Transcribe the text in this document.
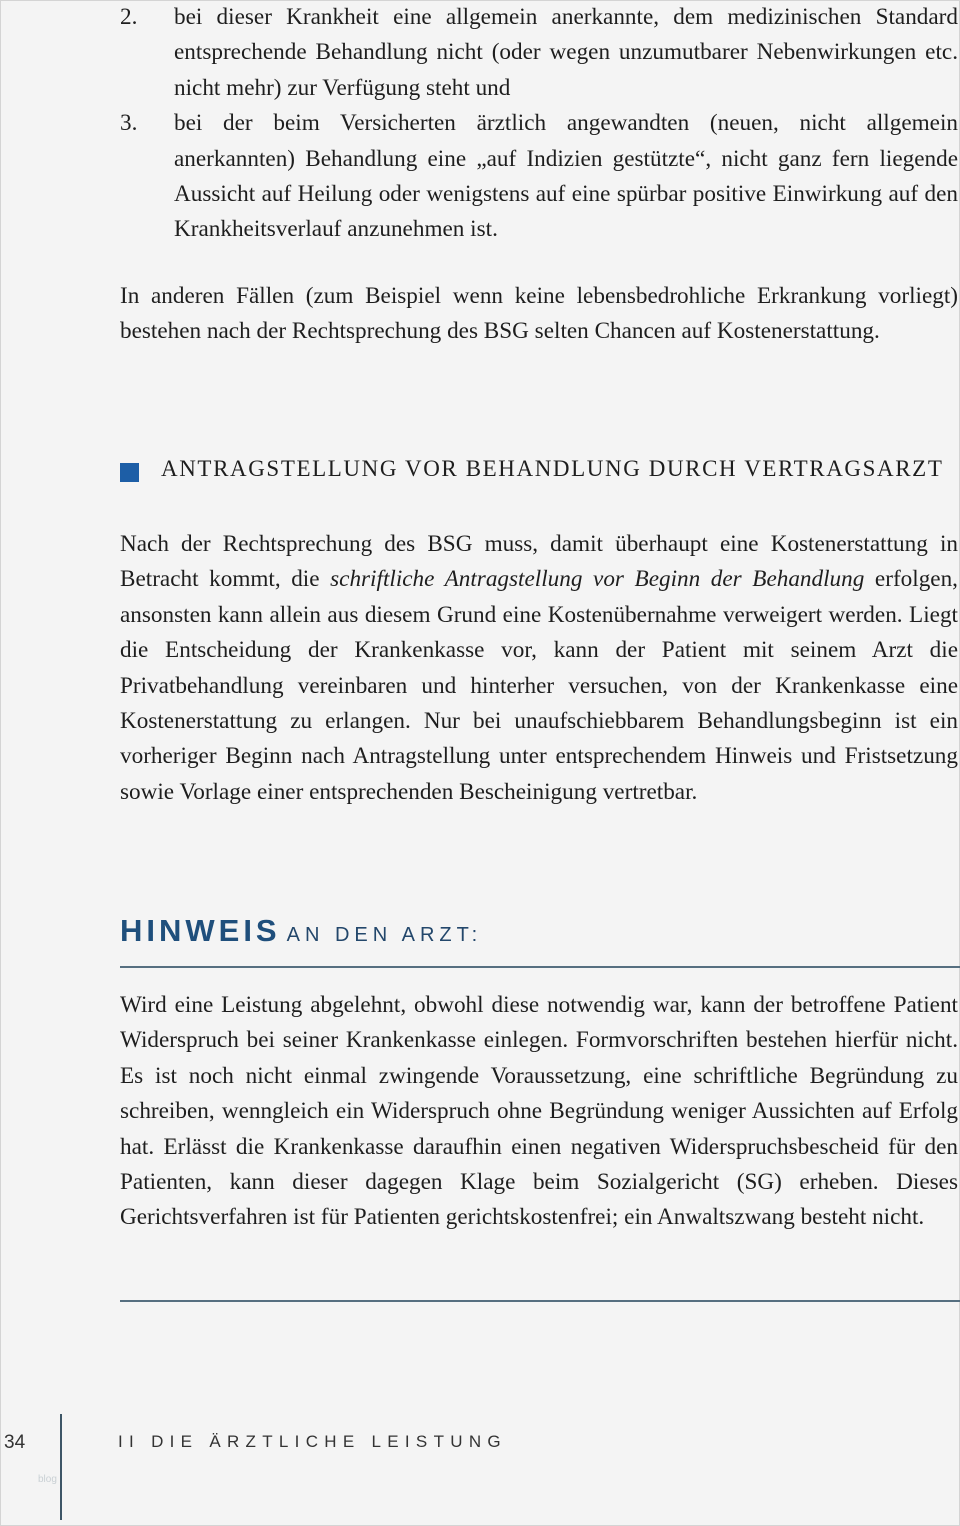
2. bei dieser Krankheit eine allgemein anerkannte, dem medizinischen Standard entsprechende Behandlung nicht (oder wegen unzumutbarer Nebenwirkungen etc. nicht mehr) zur Verfügung steht und
3. bei der beim Versicherten ärztlich angewandten (neuen, nicht allgemein anerkannten) Behandlung eine „auf Indizien gestützte“, nicht ganz fern liegende Aussicht auf Heilung oder wenigstens auf eine spürbar positive Einwirkung auf den Krankheitsverlauf anzunehmen ist.

In anderen Fällen (zum Beispiel wenn keine lebensbedrohliche Erkrankung vorliegt) bestehen nach der Rechtsprechung des BSG selten Chancen auf Kostenerstattung.

ANTRAGSTELLUNG VOR BEHANDLUNG DURCH VERTRAGSARZT

Nach der Rechtsprechung des BSG muss, damit überhaupt eine Kostenerstattung in Betracht kommt, die schriftliche Antragstellung vor Beginn der Behandlung erfolgen, ansonsten kann allein aus diesem Grund eine Kostenübernahme verweigert werden. Liegt die Entscheidung der Krankenkasse vor, kann der Patient mit seinem Arzt die Privatbehandlung vereinbaren und hinterher versuchen, von der Krankenkasse eine Kostenerstattung zu erlangen. Nur bei unaufschiebbarem Behandlungsbeginn ist ein vorheriger Beginn nach Antragstellung unter entsprechendem Hinweis und Fristsetzung sowie Vorlage einer entsprechenden Bescheinigung vertretbar.

HINWEIS AN DEN ARZT:

Wird eine Leistung abgelehnt, obwohl diese notwendig war, kann der betroffene Patient Widerspruch bei seiner Krankenkasse einlegen. Formvorschriften bestehen hierfür nicht. Es ist noch nicht einmal zwingende Voraussetzung, eine schriftliche Begründung zu schreiben, wenngleich ein Widerspruch ohne Begründung weniger Aussichten auf Erfolg hat. Erlässt die Krankenkasse daraufhin einen negativen Widerspruchsbescheid für den Patienten, kann dieser dagegen Klage beim Sozialgericht (SG) erheben. Dieses Gerichtsverfahren ist für Patienten gerichtskostenfrei; ein Anwaltszwang besteht nicht.

34
blog
II DIE ÄRZTLICHE LEISTUNG
